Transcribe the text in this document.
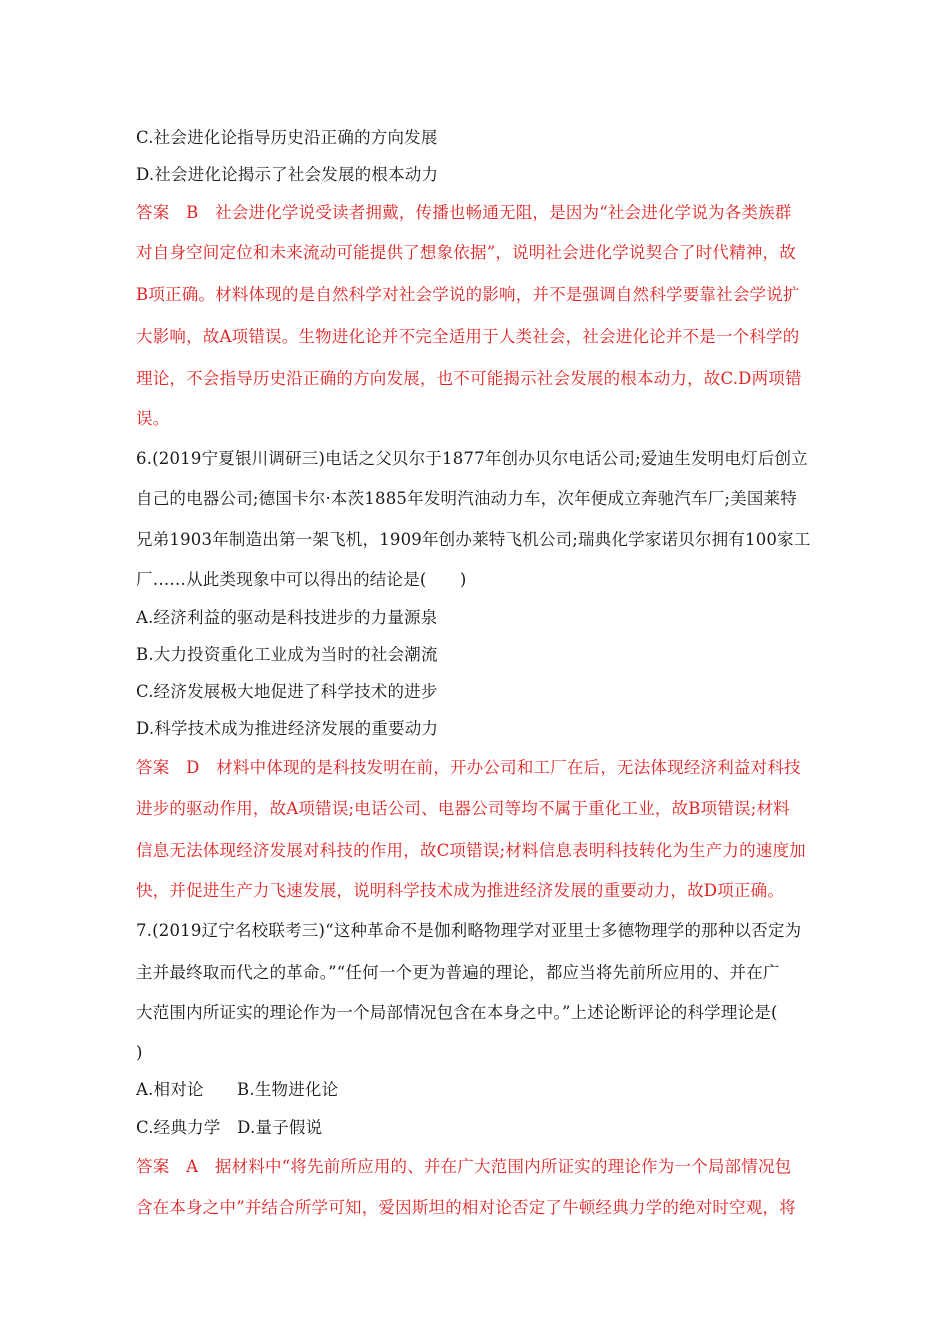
C.社会进化论指导历史沿正确的方向发展
D.社会进化论揭示了社会发展的根本动力
答案　B　社会进化学说受读者拥戴，传播也畅通无阻，是因为“社会进化学说为各类族群
对自身空间定位和未来流动可能提供了想象依据”，说明社会进化学说契合了时代精神，故
B项正确。材料体现的是自然科学对社会学说的影响，并不是强调自然科学要靠社会学说扩
大影响，故A项错误。生物进化论并不完全适用于人类社会，社会进化论并不是一个科学的
理论，不会指导历史沿正确的方向发展，也不可能揭示社会发展的根本动力，故C.D两项错
误。
6.(2019宁夏银川调研三)电话之父贝尔于1877年创办贝尔电话公司;爱迪生发明电灯后创立
自己的电器公司;德国卡尔·本茨1885年发明汽油动力车，次年便成立奔驰汽车厂;美国莱特
兄弟1903年制造出第一架飞机，1909年创办莱特飞机公司;瑞典化学家诺贝尔拥有100家工
厂……从此类现象中可以得出的结论是(　　)
A.经济利益的驱动是科技进步的力量源泉
B.大力投资重化工业成为当时的社会潮流
C.经济发展极大地促进了科学技术的进步
D.科学技术成为推进经济发展的重要动力
答案　D　材料中体现的是科技发明在前，开办公司和工厂在后，无法体现经济利益对科技
进步的驱动作用，故A项错误;电话公司、电器公司等均不属于重化工业，故B项错误;材料
信息无法体现经济发展对科技的作用，故C项错误;材料信息表明科技转化为生产力的速度加
快，并促进生产力飞速发展，说明科学技术成为推进经济发展的重要动力，故D项正确。
7.(2019辽宁名校联考三)“这种革命不是伽利略物理学对亚里士多德物理学的那种以否定为
主并最终取而代之的革命。”“任何一个更为普遍的理论，都应当将先前所应用的、并在广
大范围内所证实的理论作为一个局部情况包含在本身之中。”上述论断评论的科学理论是(
)
A.相对论　　B.生物进化论
C.经典力学　D.量子假说
答案　A　据材料中“将先前所应用的、并在广大范围内所证实的理论作为一个局部情况包
含在本身之中”并结合所学可知，爱因斯坦的相对论否定了牛顿经典力学的绝对时空观，将
